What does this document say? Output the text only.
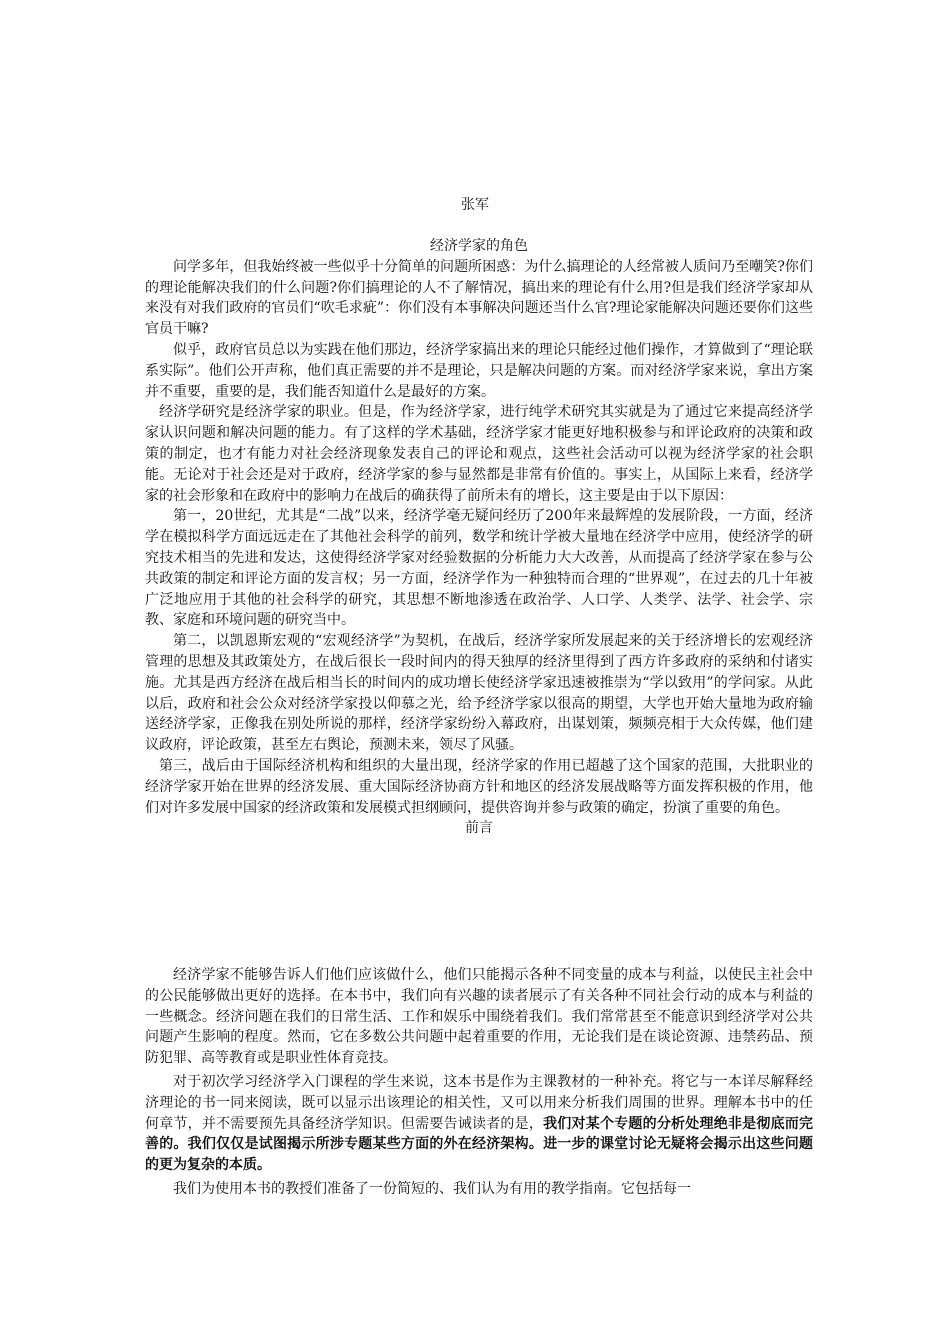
张军

经济学家的角色

问学多年，但我始终被一些似乎十分简单的问题所困惑：为什么搞理论的人经常被人质问乃至嘲笑?你们的理论能解决我们的什么问题?你们搞理论的人不了解情况，搞出来的理论有什么用?但是我们经济学家却从来没有对我们政府的官员们“吹毛求疵”：你们没有本事解决问题还当什么官?理论家能解决问题还要你们这些官员干嘛?

似乎，政府官员总以为实践在他们那边，经济学家搞出来的理论只能经过他们操作，才算做到了“理论联系实际”。他们公开声称，他们真正需要的并不是理论，只是解决问题的方案。而对经济学家来说，拿出方案并不重要，重要的是，我们能否知道什么是最好的方案。

经济学研究是经济学家的职业。但是，作为经济学家，进行纯学术研究其实就是为了通过它来提高经济学家认识问题和解决问题的能力。有了这样的学术基础，经济学家才能更好地积极参与和评论政府的决策和政策的制定，也才有能力对社会经济现象发表自己的评论和观点，这些社会活动可以视为经济学家的社会职能。无论对于社会还是对于政府，经济学家的参与显然都是非常有价值的。事实上，从国际上来看，经济学家的社会形象和在政府中的影响力在战后的确获得了前所未有的增长，这主要是由于以下原因：

第一，20世纪，尤其是“二战”以来，经济学毫无疑问经历了200年来最辉煌的发展阶段，一方面，经济学在模拟科学方面远远走在了其他社会科学的前列，数学和统计学被大量地在经济学中应用，使经济学的研究技术相当的先进和发达，这使得经济学家对经验数据的分析能力大大改善，从而提高了经济学家在参与公共政策的制定和评论方面的发言权；另一方面，经济学作为一种独特而合理的“世界观”，在过去的几十年被广泛地应用于其他的社会科学的研究，其思想不断地渗透在政治学、人口学、人类学、法学、社会学、宗教、家庭和环境问题的研究当中。

第二，以凯恩斯宏观的“宏观经济学”为契机，在战后，经济学家所发展起来的关于经济增长的宏观经济管理的思想及其政策处方，在战后很长一段时间内的得天独厚的经济里得到了西方许多政府的采纳和付诸实施。尤其是西方经济在战后相当长的时间内的成功增长使经济学家迅速被推崇为“学以致用”的学问家。从此以后，政府和社会公众对经济学家投以仰慕之光，给予经济学家以很高的期望，大学也开始大量地为政府输送经济学家，正像我在别处所说的那样，经济学家纷纷入幕政府，出谋划策，频频亮相于大众传媒，他们建议政府，评论政策，甚至左右舆论，预测未来，领尽了风骚。

第三，战后由于国际经济机构和组织的大量出现，经济学家的作用已超越了这个国家的范围，大批职业的经济学家开始在世界的经济发展、重大国际经济协商方针和地区的经济发展战略等方面发挥积极的作用，他们对许多发展中国家的经济政策和发展模式担纲顾问，提供咨询并参与政策的确定，扮演了重要的角色。

前言

经济学家不能够告诉人们他们应该做什么，他们只能揭示各种不同变量的成本与利益，以使民主社会中的公民能够做出更好的选择。在本书中，我们向有兴趣的读者展示了有关各种不同社会行动的成本与利益的一些概念。经济问题在我们的日常生活、工作和娱乐中围绕着我们。我们常常甚至不能意识到经济学对公共问题产生影响的程度。然而，它在多数公共问题中起着重要的作用，无论我们是在谈论资源、违禁药品、预防犯罪、高等教育或是职业性体育竞技。

对于初次学习经济学入门课程的学生来说，这本书是作为主课教材的一种补充。将它与一本详尽解释经济理论的书一同来阅读，既可以显示出该理论的相关性，又可以用来分析我们周围的世界。理解本书中的任何章节，并不需要预先具备经济学知识。但需要告诫读者的是，我们对某个专题的分析处理绝非是彻底而完善的。我们仅仅是试图揭示所涉专题某些方面的外在经济架构。进一步的课堂讨论无疑将会揭示出这些问题的更为复杂的本质。

我们为使用本书的教授们准备了一份简短的、我们认为有用的教学指南。它包括每一
